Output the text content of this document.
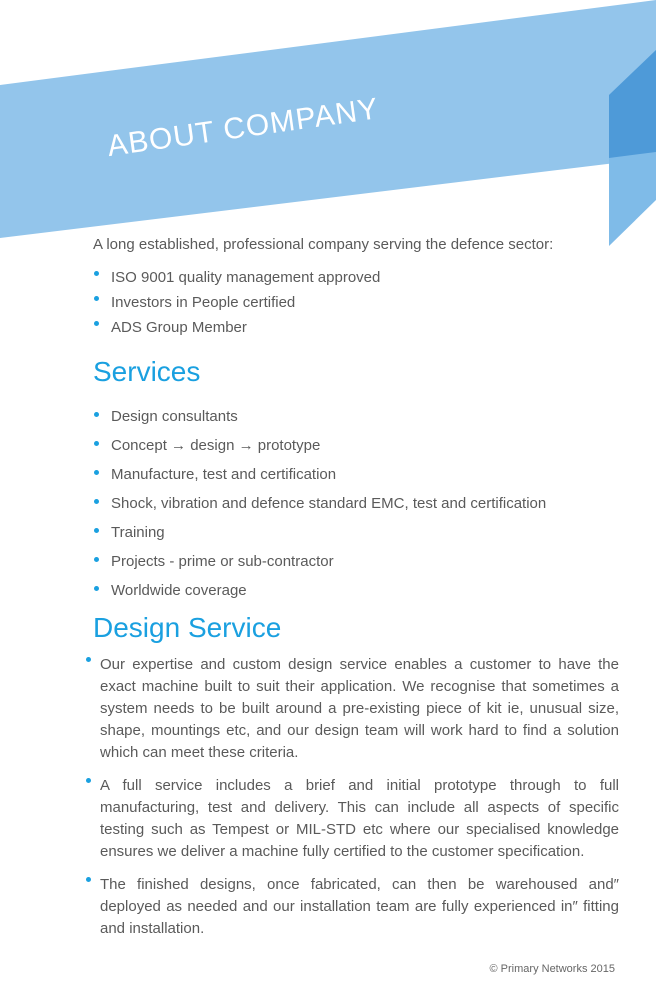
ABOUT COMPANY

A long established, professional company serving the defence sector:

ISO 9001 quality management approved
Investors in People certified
ADS Group Member
Services
Design consultants
Concept → design → prototype
Manufacture, test and certification
Shock, vibration and defence standard EMC, test and certification
Training
Projects - prime or sub-contractor
Worldwide coverage
Design Service
Our expertise and custom design service enables a customer to have the exact machine built to suit their application. We recognise that sometimes a system needs to be built around a pre-existing piece of kit ie, unusual size, shape, mountings etc, and our design team will work hard to find a solution which can meet these criteria.
A full service includes a brief and initial prototype through to full manufacturing, test and delivery. This can include all aspects of specific testing such as Tempest or MIL-STD etc where our specialised knowledge ensures we deliver a machine fully certified to the customer specification.
The finished designs, once fabricated, can then be warehoused and″ deployed as needed and our installation team are fully experienced in″ fitting and installation.
© Primary Networks 2015
